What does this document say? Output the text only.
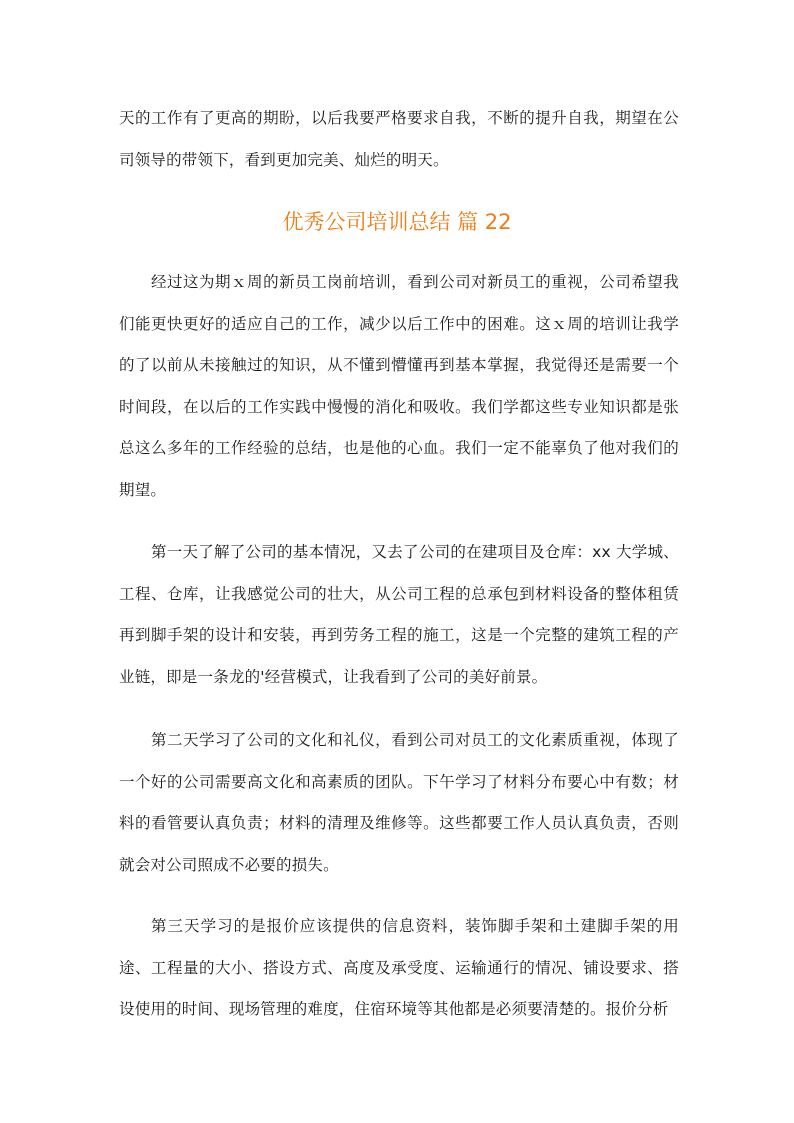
天的工作有了更高的期盼，以后我要严格要求自我，不断的提升自我，期望在公司领导的带领下，看到更加完美、灿烂的明天。

优秀公司培训总结 篇 22

经过这为期ｘ周的新员工岗前培训，看到公司对新员工的重视，公司希望我们能更快更好的适应自己的工作，减少以后工作中的困难。这ｘ周的培训让我学的了以前从未接触过的知识，从不懂到懵懂再到基本掌握，我觉得还是需要一个时间段，在以后的工作实践中慢慢的消化和吸收。我们学都这些专业知识都是张总这么多年的工作经验的总结，也是他的心血。我们一定不能辜负了他对我们的期望。

第一天了解了公司的基本情况，又去了公司的在建项目及仓库：xx 大学城、工程、仓库，让我感觉公司的壮大，从公司工程的总承包到材料设备的整体租赁再到脚手架的设计和安装，再到劳务工程的施工，这是一个完整的建筑工程的产业链，即是一条龙的'经营模式，让我看到了公司的美好前景。

第二天学习了公司的文化和礼仪，看到公司对员工的文化素质重视，体现了一个好的公司需要高文化和高素质的团队。下午学习了材料分布要心中有数；材料的看管要认真负责；材料的清理及维修等。这些都要工作人员认真负责，否则就会对公司照成不必要的损失。

第三天学习的是报价应该提供的信息资料，装饰脚手架和土建脚手架的用途、工程量的大小、搭设方式、高度及承受度、运输通行的情况、铺设要求、搭设使用的时间、现场管理的难度，住宿环境等其他都是必须要清楚的。报价分析
